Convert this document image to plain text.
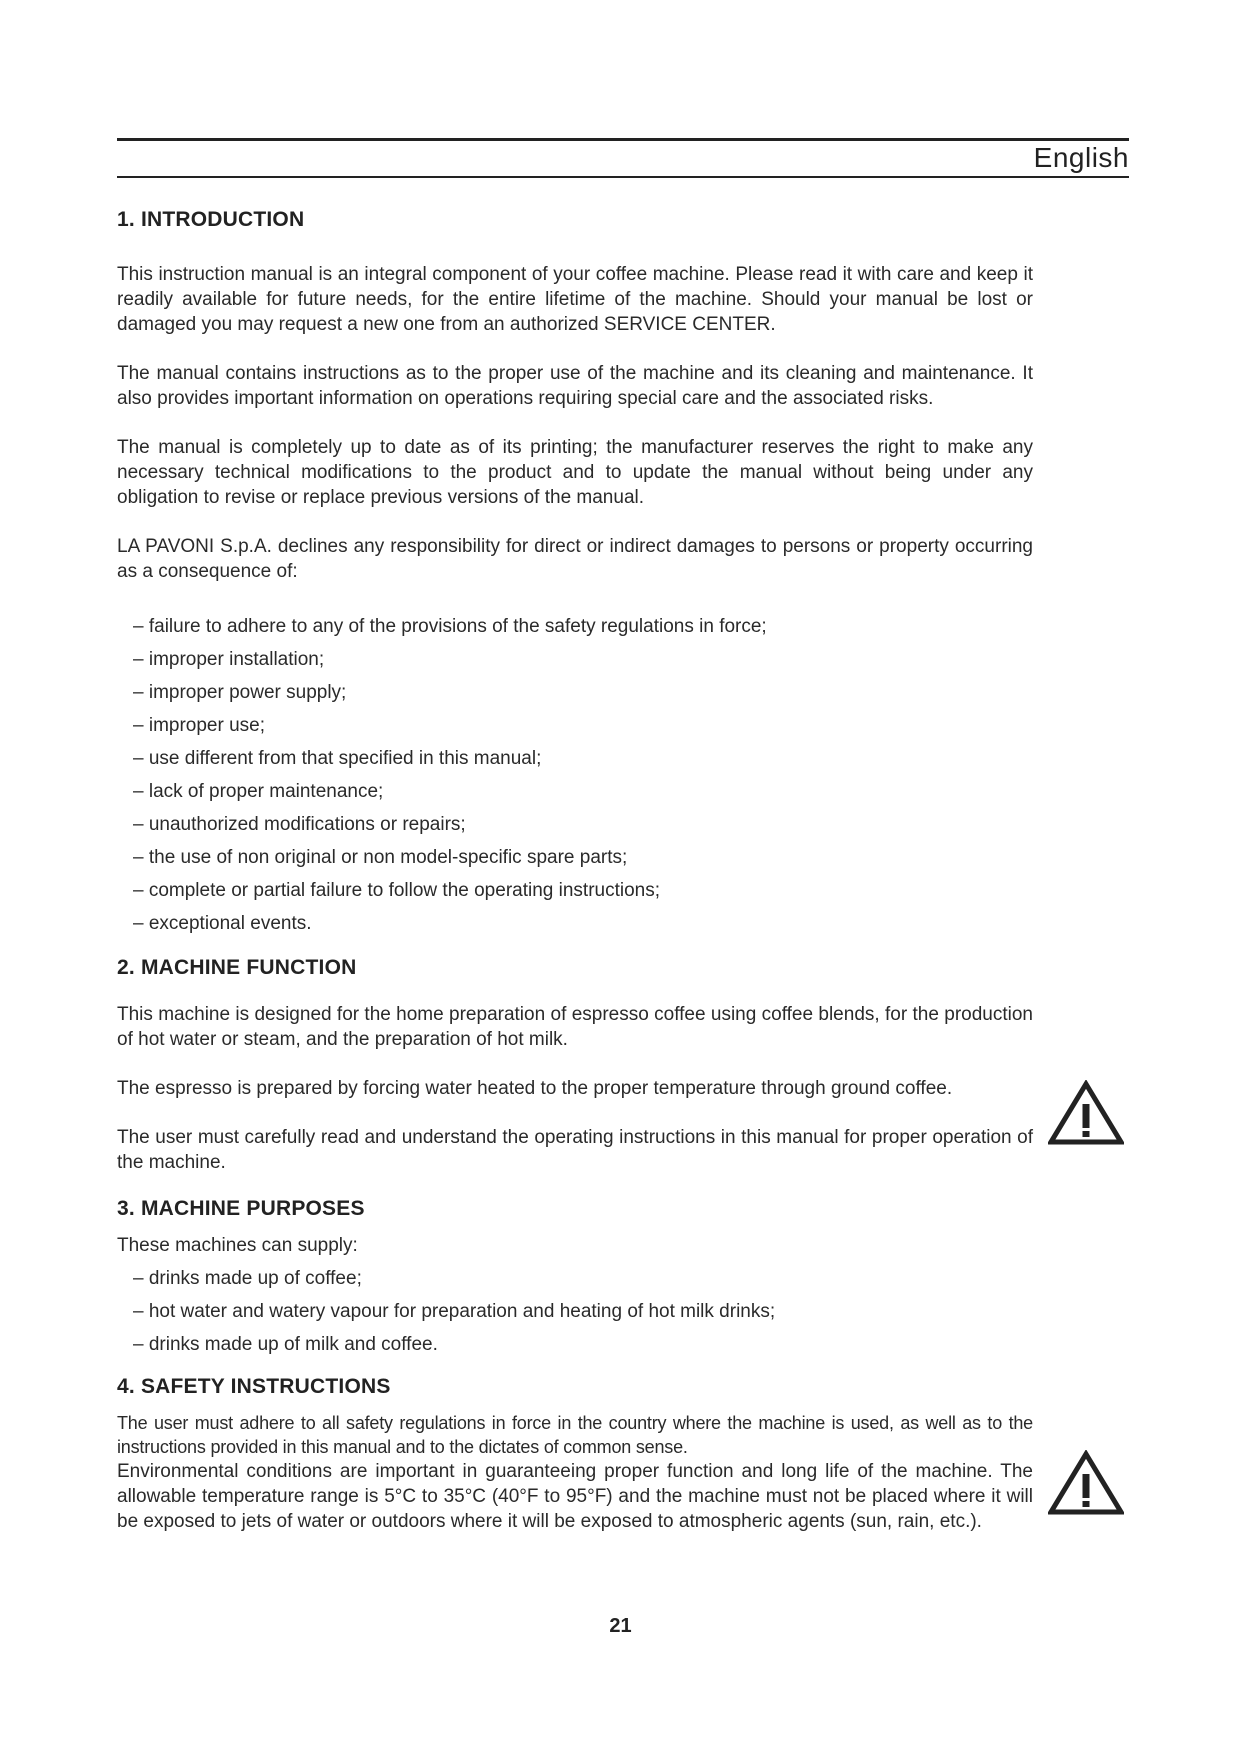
English
1. INTRODUCTION

This instruction manual is an integral component of your coffee machine. Please read it with care and keep it readily available for future needs, for the entire lifetime of the machine. Should your manual be lost or damaged you may request a new one from an authorized SERVICE CENTER.

The manual contains instructions as to the proper use of the machine and its cleaning and maintenance. It also provides important information on operations requiring special care and the associated risks.

The manual is completely up to date as of its printing; the manufacturer reserves the right to make any necessary technical modifications to the product and to update the manual without being under any obligation to revise or replace previous versions of the manual.

LA PAVONI S.p.A. declines any responsibility for direct or indirect damages to persons or property occurring as a consequence of:

– failure to adhere to any of the provisions of the safety regulations in force;
– improper installation;
– improper power supply;
– improper use;
– use different from that specified in this manual;
– lack of proper maintenance;
– unauthorized modifications or repairs;
– the use of non original or non model-specific spare parts;
– complete or partial failure to follow the operating instructions;
– exceptional events.
2. MACHINE FUNCTION

This machine is designed for the home preparation of espresso coffee using coffee blends, for the production of hot water or steam, and the preparation of hot milk.

The espresso is prepared by forcing water heated to the proper temperature through ground coffee.

The user must carefully read and understand the operating instructions in this manual for proper operation of the machine.

3. MACHINE PURPOSES

These machines can supply:

– drinks made up of coffee;
– hot water and watery vapour for preparation and heating of hot milk drinks;
– drinks made up of milk and coffee.
4. SAFETY INSTRUCTIONS

The user must adhere to all safety regulations in force in the country where the machine is used, as well as to the instructions provided in this manual and to the dictates of common sense.

Environmental conditions are important in guaranteeing proper function and long life of the machine. The allowable temperature range is 5°C to 35°C (40°F to 95°F) and the machine must not be placed where it will be exposed to jets of water or outdoors where it will be exposed to atmospheric agents (sun, rain, etc.).

21
